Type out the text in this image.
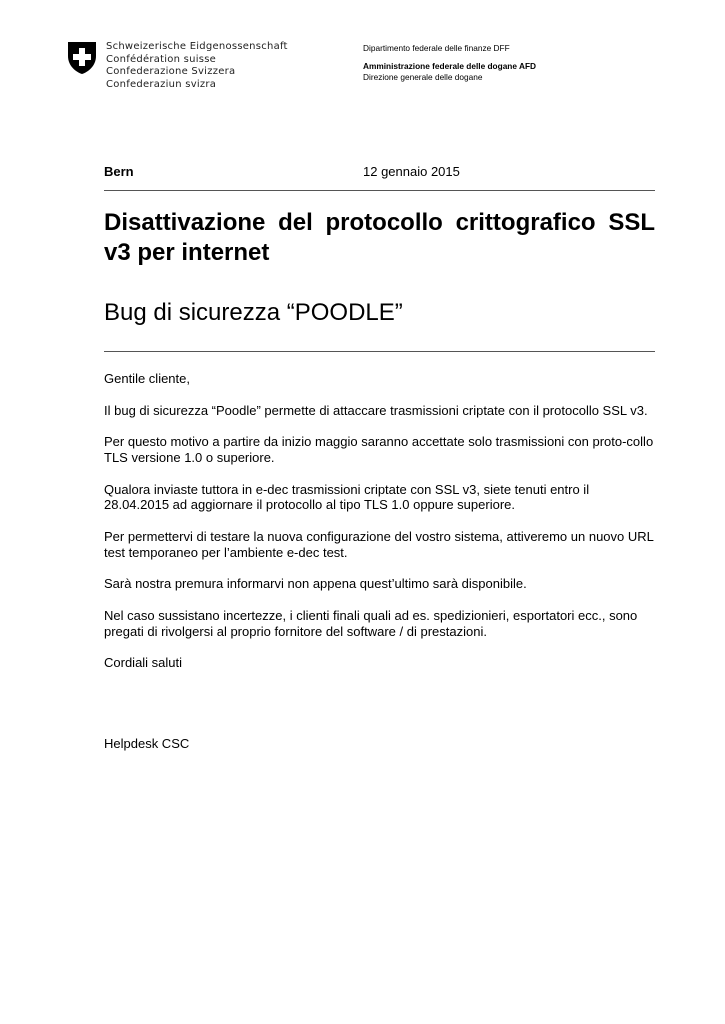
Schweizerische Eidgenossenschaft
Confédération suisse
Confederazione Svizzera
Confederaziun svizra
Dipartimento federale delle finanze DFF
Amministrazione federale delle dogane AFD
Direzione generale delle dogane
Bern	12 gennaio 2015
Disattivazione del protocollo crittografico SSL v3 per internet
Bug di sicurezza “POODLE”

Gentile cliente,

Il bug di sicurezza “Poodle” permette di attaccare trasmissioni criptate con il protocollo SSL v3.

Per questo motivo a partire da inizio maggio saranno accettate solo trasmissioni con proto-collo TLS versione 1.0 o superiore.

Qualora inviaste tuttora in e-dec trasmissioni criptate con SSL v3, siete tenuti entro il 28.04.2015 ad aggiornare il protocollo al tipo TLS 1.0 oppure superiore.

Per permettervi di testare la nuova configurazione del vostro sistema, attiveremo un nuovo URL test temporaneo per l’ambiente e-dec test.

Sarà nostra premura informarvi non appena quest’ultimo sarà disponibile.

Nel caso sussistano incertezze, i clienti finali quali ad es. spedizionieri, esportatori ecc., sono pregati di rivolgersi al proprio fornitore del software / di prestazioni.

Cordiali saluti

Helpdesk CSC
